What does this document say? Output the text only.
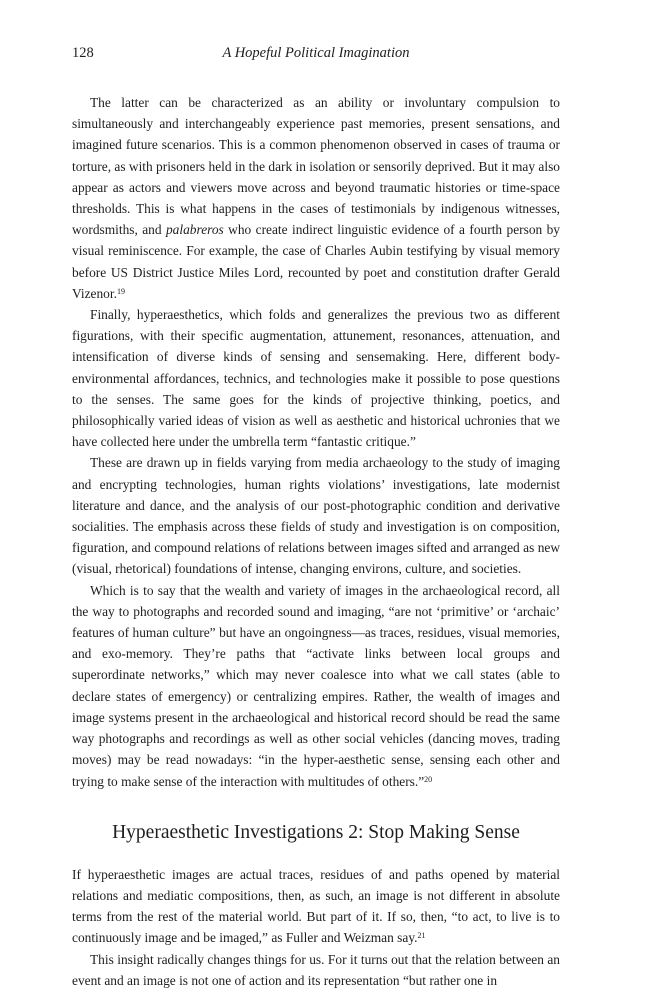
128	A Hopeful Political Imagination

The latter can be characterized as an ability or involuntary compulsion to simultaneously and interchangeably experience past memories, present sensations, and imagined future scenarios. This is a common phenomenon observed in cases of trauma or torture, as with prisoners held in the dark in isolation or sensorily deprived. But it may also appear as actors and viewers move across and beyond traumatic histories or time-space thresholds. This is what happens in the cases of testimonials by indigenous witnesses, wordsmiths, and palabreros who create indirect linguistic evidence of a fourth person by visual reminiscence. For example, the case of Charles Aubin testifying by visual memory before US District Justice Miles Lord, recounted by poet and constitution drafter Gerald Vizenor.$^{19}$

Finally, hyperaesthetics, which folds and generalizes the previous two as different figurations, with their specific augmentation, attunement, resonances, attenuation, and intensification of diverse kinds of sensing and sensemaking. Here, different body-environmental affordances, technics, and technologies make it possible to pose questions to the senses. The same goes for the kinds of projective thinking, poetics, and philosophically varied ideas of vision as well as aesthetic and historical uchronies that we have collected here under the umbrella term “fantastic critique.”

These are drawn up in fields varying from media archaeology to the study of imaging and encrypting technologies, human rights violations’ investigations, late modernist literature and dance, and the analysis of our post-photographic condition and derivative socialities. The emphasis across these fields of study and investigation is on composition, figuration, and compound relations of relations between images sifted and arranged as new (visual, rhetorical) foundations of intense, changing environs, culture, and societies.

Which is to say that the wealth and variety of images in the archaeological record, all the way to photographs and recorded sound and imaging, “are not ‘primitive’ or ‘archaic’ features of human culture” but have an ongoingness—as traces, residues, visual memories, and exo-memory. They’re paths that “activate links between local groups and superordinate networks,” which may never coalesce into what we call states (able to declare states of emergency) or centralizing empires. Rather, the wealth of images and image systems present in the archaeological and historical record should be read the same way photographs and recordings as well as other social vehicles (dancing moves, trading moves) may be read nowadays: “in the hyper-aesthetic sense, sensing each other and trying to make sense of the interaction with multitudes of others.”$^{20}$

Hyperaesthetic Investigations 2: Stop Making Sense

If hyperaesthetic images are actual traces, residues of and paths opened by material relations and mediatic compositions, then, as such, an image is not different in absolute terms from the rest of the material world. But part of it. If so, then, “to act, to live is to continuously image and be imaged,” as Fuller and Weizman say.$^{21}$

This insight radically changes things for us. For it turns out that the relation between an event and an image is not one of action and its representation “but rather one in
